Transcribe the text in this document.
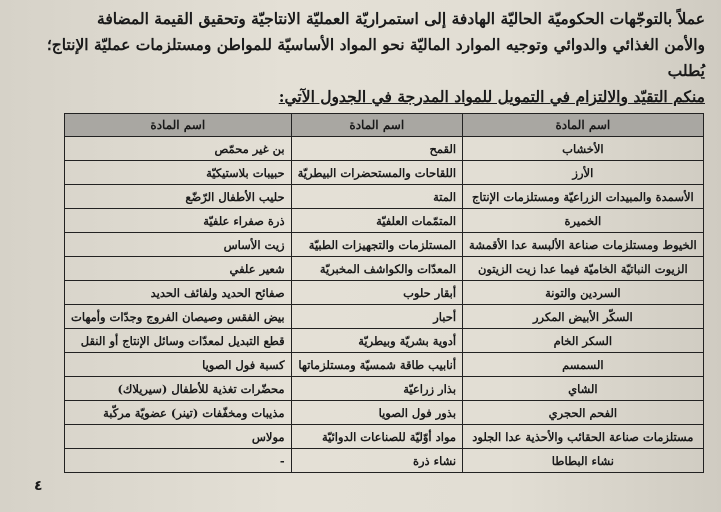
عملاً بالتوجّهات الحكوميّة الحاليّة الهادفة إلى استمراريّة العمليّة الانتاجيّة وتحقيق القيمة المضافة

والأمن الغذائي والدوائي وتوجيه الموارد الماليّة نحو المواد الأساسيّة للمواطن ومستلزمات عمليّة الإنتاج؛ يُطلب

منكم التقيّد والالتزام في التمويل للمواد المدرجة في الجدول الآتي:

اسم المادة	اسم المادة	اسم المادة
الأخشاب	القمح	بن غير محمّص
الأرز	اللقاحات والمستحضرات البيطريّة	حبيبات بلاستيكيّة
الأسمدة والمبيدات الزراعيّة ومستلزمات الإنتاج	المتة	حليب الأطفال الرّضّع
الخميرة	المتمّمات العلفيّة	ذرة صفراء علفيّة
الخيوط ومستلزمات صناعة الألبسة عدا الأقمشة	المستلزمات والتجهيزات الطبيّة	زيت الأساس
الزيوت النباتيّة الخاميّة فيما عدا زيت الزيتون	المعدّات والكواشف المخبريّة	شعير علفي
السردين والتونة	أبقار حلوب	صفائح الحديد ولفائف الحديد
السكّر الأبيض المكرر	أحبار	بيض الفقس وصيصان الفروج وجدّات وأمهات
السكر الخام	أدوية بشريّة وبيطريّة	قطع التبديل لمعدّات وسائل الإنتاج أو النقل
السمسم	أنابيب طاقة شمسيّة ومستلزماتها	كسبة فول الصويا
الشاي	بذار زراعيّة	محضّرات تغذية للأطفال (سيريلاك)
الفحم الحجري	بذور فول الصويا	مذيبات ومخفّفات (تينر) عضويّة مركّبة
مستلزمات صناعة الحقائب والأحذية عدا الجلود	مواد أوّليّة للصناعات الدوائيّة	مولاس
نشاء البطاطا	نشاء ذرة	-
٤
